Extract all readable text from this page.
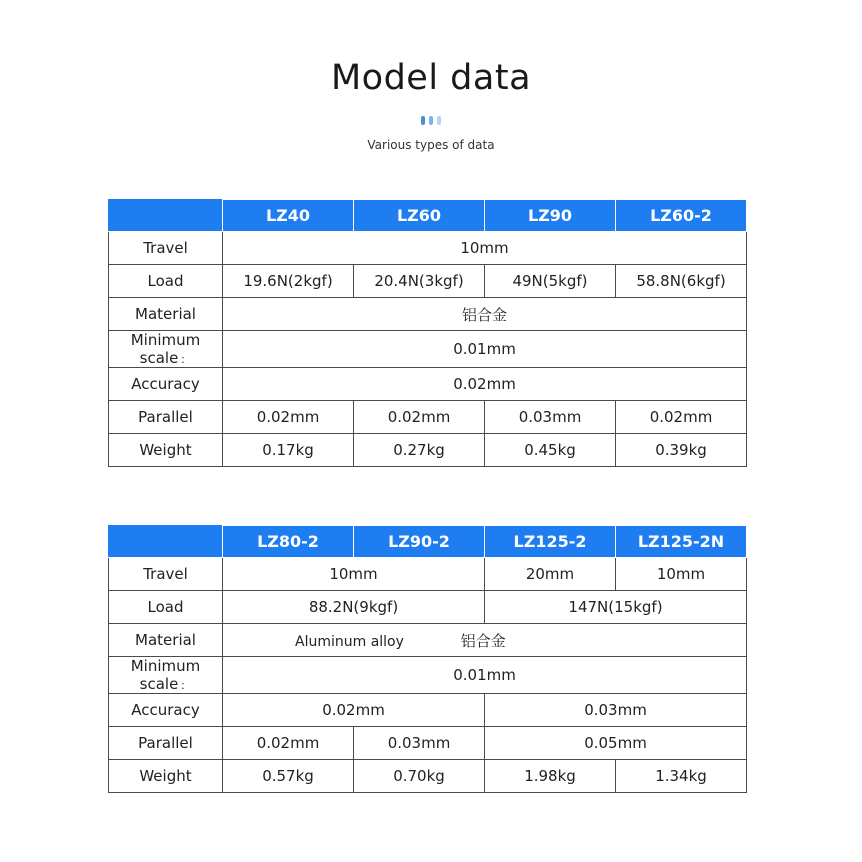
Model data
Various types of data
	LZ40	LZ60	LZ90	LZ60-2
Travel	10mm			
Load	19.6N(2kgf)	20.4N(3kgf)	49N(5kgf)	58.8N(6kgf)
Material	铝合金			
Minimum scale ：	0.01mm			
Accuracy	0.02mm			
Parallel	0.02mm	0.02mm	0.03mm	0.02mm
Weight	0.17kg	0.27kg	0.45kg	0.39kg
	LZ80-2	LZ90-2	LZ125-2	LZ125-2N
Travel	10mm		20mm	10mm
Load	88.2N(9kgf)		147N(15kgf)	
Material	Aluminum alloy 铝合金			
Minimum scale ：	0.01mm			
Accuracy	0.02mm		0.03mm	
Parallel	0.02mm	0.03mm	0.05mm	
Weight	0.57kg	0.70kg	1.98kg	1.34kg
